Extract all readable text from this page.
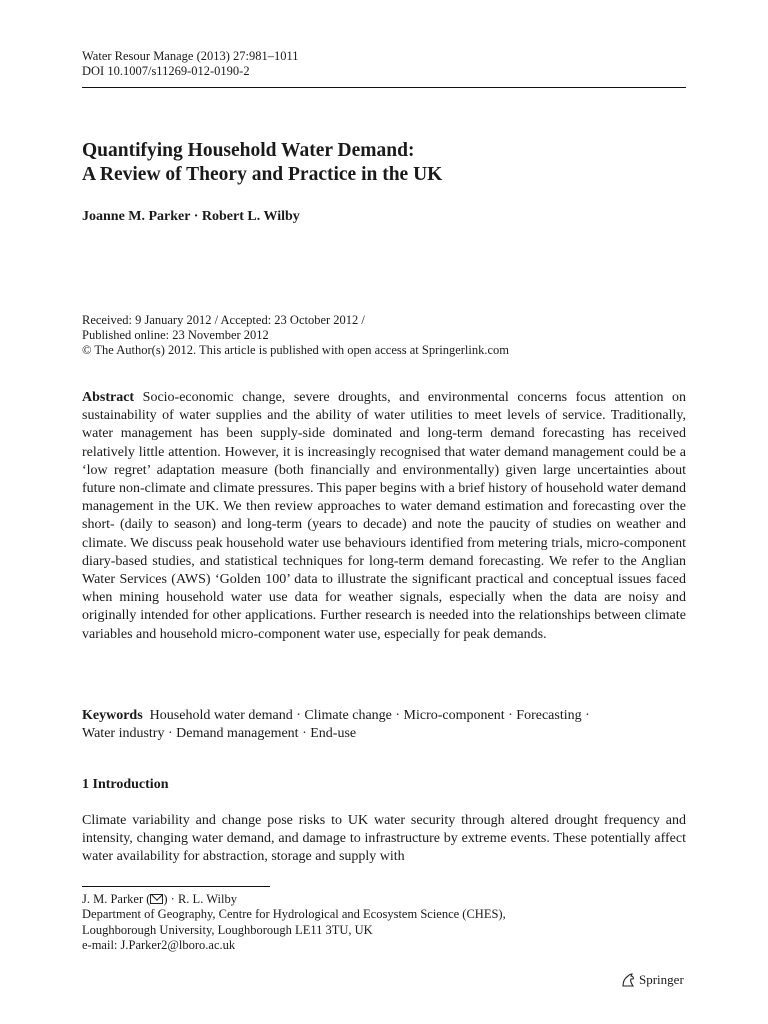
Water Resour Manage (2013) 27:981–1011
DOI 10.1007/s11269-012-0190-2
Quantifying Household Water Demand:
A Review of Theory and Practice in the UK
Joanne M. Parker · Robert L. Wilby
Received: 9 January 2012 / Accepted: 23 October 2012 /
Published online: 23 November 2012
© The Author(s) 2012. This article is published with open access at Springerlink.com
Abstract Socio-economic change, severe droughts, and environmental concerns focus attention on sustainability of water supplies and the ability of water utilities to meet levels of service. Traditionally, water management has been supply-side dominated and long-term demand forecasting has received relatively little attention. However, it is increasingly recognised that water demand management could be a ‘low regret’ adaptation measure (both financially and environmentally) given large uncertainties about future non-climate and climate pressures. This paper begins with a brief history of household water demand management in the UK. We then review approaches to water demand estimation and forecasting over the short- (daily to season) and long-term (years to decade) and note the paucity of studies on weather and climate. We discuss peak household water use behaviours identified from metering trials, micro-component diary-based studies, and statistical techniques for long-term demand forecasting. We refer to the Anglian Water Services (AWS) ‘Golden 100’ data to illustrate the significant practical and conceptual issues faced when mining household water use data for weather signals, especially when the data are noisy and originally intended for other applications. Further research is needed into the relationships between climate variables and household micro-component water use, especially for peak demands.
Keywords Household water demand · Climate change · Micro-component · Forecasting ·
Water industry · Demand management · End-use
1 Introduction
Climate variability and change pose risks to UK water security through altered drought frequency and intensity, changing water demand, and damage to infrastructure by extreme events. These potentially affect water availability for abstraction, storage and supply with
J. M. Parker ( ) · R. L. Wilby
Department of Geography, Centre for Hydrological and Ecosystem Science (CHES),
Loughborough University, Loughborough LE11 3TU, UK
e-mail: J.Parker2@lboro.ac.uk
Springer
